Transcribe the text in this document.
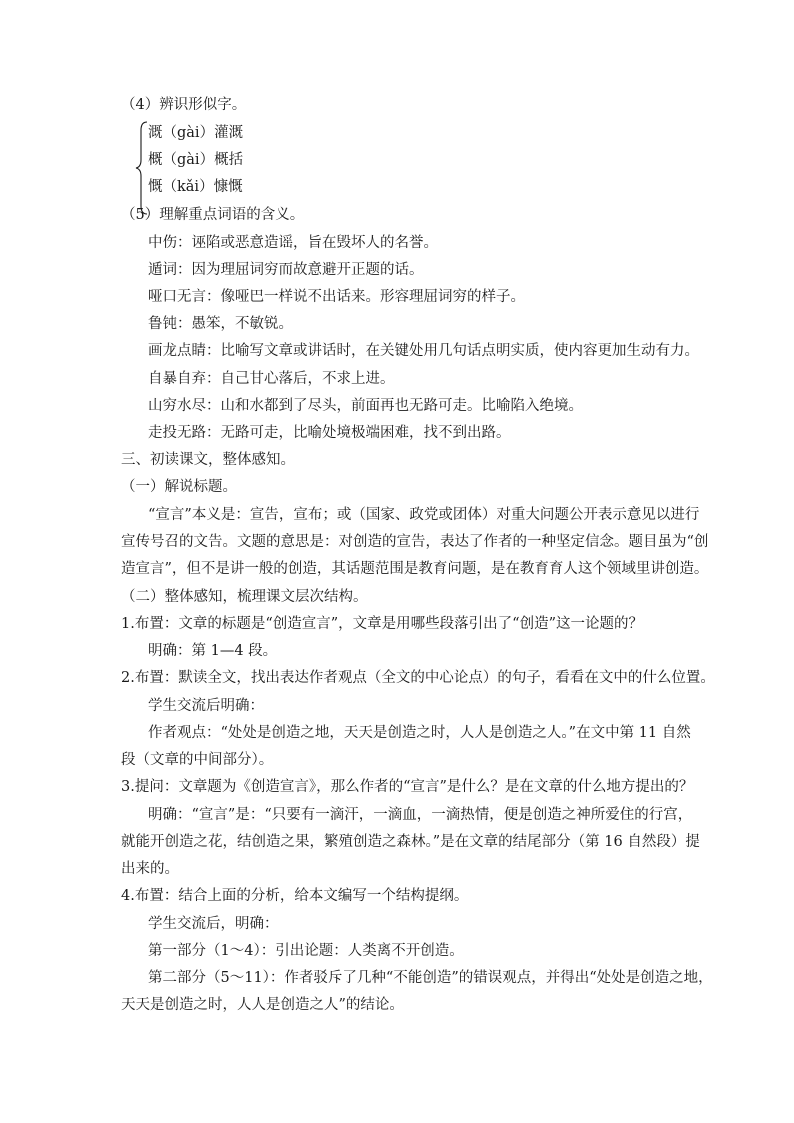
（4）辨识形似字。
溉（gài）灌溉
概（gài）概括
慨（kǎi）慷慨
（5）理解重点词语的含义。
中伤：诬陷或恶意造谣，旨在毁坏人的名誉。
遁词：因为理屈词穷而故意避开正题的话。
哑口无言：像哑巴一样说不出话来。形容理屈词穷的样子。
鲁钝：愚笨，不敏锐。
画龙点睛：比喻写文章或讲话时，在关键处用几句话点明实质，使内容更加生动有力。
自暴自弃：自己甘心落后，不求上进。
山穷水尽：山和水都到了尽头，前面再也无路可走。比喻陷入绝境。
走投无路：无路可走，比喻处境极端困难，找不到出路。
三、初读课文，整体感知。
（一）解说标题。
“宣言”本义是：宣告，宣布；或（国家、政党或团体）对重大问题公开表示意见以进行
宣传号召的文告。文题的意思是：对创造的宣告，表达了作者的一种坚定信念。题目虽为“创
造宣言”，但不是讲一般的创造，其话题范围是教育问题，是在教育育人这个领域里讲创造。
（二）整体感知，梳理课文层次结构。
1.布置：文章的标题是“创造宣言”，文章是用哪些段落引出了“创造”这一论题的？
明确：第 1—4 段。
2.布置：默读全文，找出表达作者观点（全文的中心论点）的句子，看看在文中的什么位置。
学生交流后明确：
作者观点：“处处是创造之地，天天是创造之时，人人是创造之人。”在文中第 11 自然
段（文章的中间部分）。
3.提问：文章题为《创造宣言》，那么作者的“宣言”是什么？是在文章的什么地方提出的？
明确：“宣言”是：“只要有一滴汗，一滴血，一滴热情，便是创造之神所爱住的行宫，
就能开创造之花，结创造之果，繁殖创造之森林。”是在文章的结尾部分（第 16 自然段）提
出来的。
4.布置：结合上面的分析，给本文编写一个结构提纲。
学生交流后，明确：
第一部分（1～4）：引出论题：人类离不开创造。
第二部分（5～11）：作者驳斥了几种“不能创造”的错误观点，并得出“处处是创造之地，
天天是创造之时，人人是创造之人”的结论。
